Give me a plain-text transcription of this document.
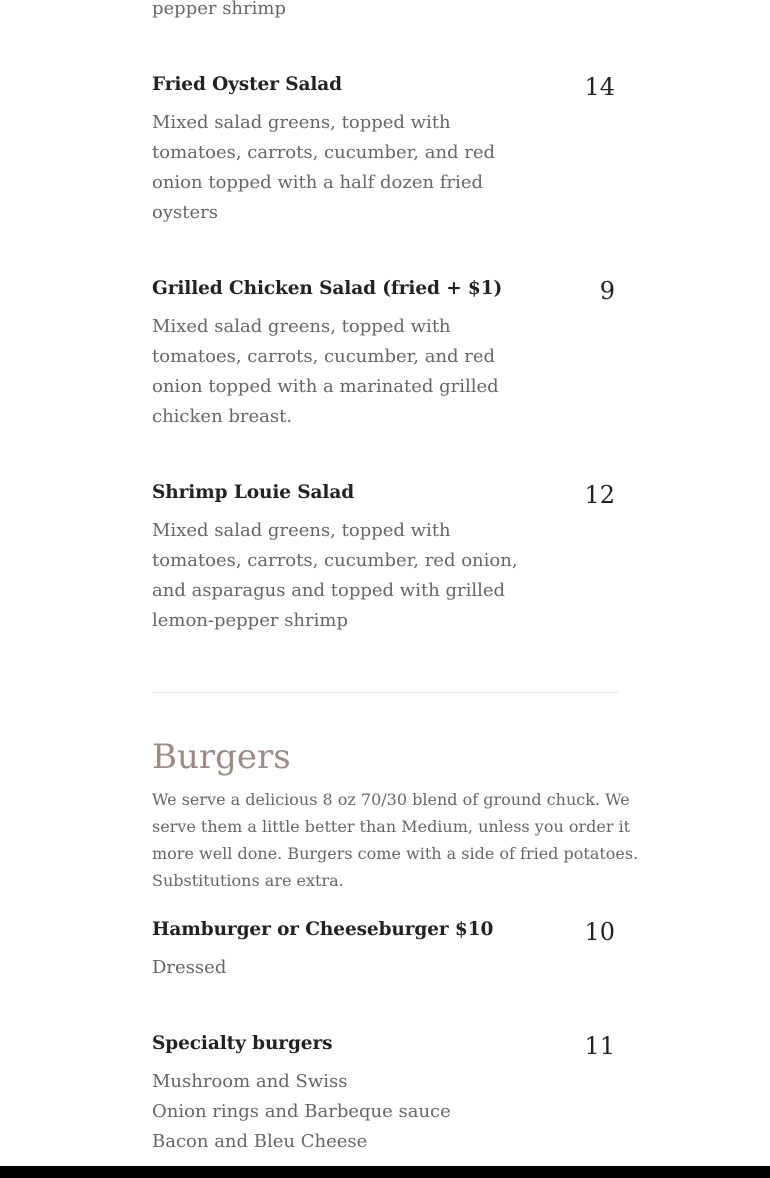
pepper shrimp
Fried Oyster Salad	14
Mixed salad greens, topped with
tomatoes, carrots, cucumber, and red
onion topped with a half dozen fried
oysters
Grilled Chicken Salad (fried + $1)	9
Mixed salad greens, topped with
tomatoes, carrots, cucumber, and red
onion topped with a marinated grilled
chicken breast.
Shrimp Louie Salad	12
Mixed salad greens, topped with
tomatoes, carrots, cucumber, red onion,
and asparagus and topped with grilled
lemon-pepper shrimp
Burgers
We serve a delicious 8 oz 70/30 blend of ground chuck. We
serve them a little better than Medium, unless you order it
more well done. Burgers come with a side of fried potatoes.
Substitutions are extra.
Hamburger or Cheeseburger $10	10
Dressed
Specialty burgers	11
Mushroom and Swiss
Onion rings and Barbeque sauce
Bacon and Bleu Cheese
